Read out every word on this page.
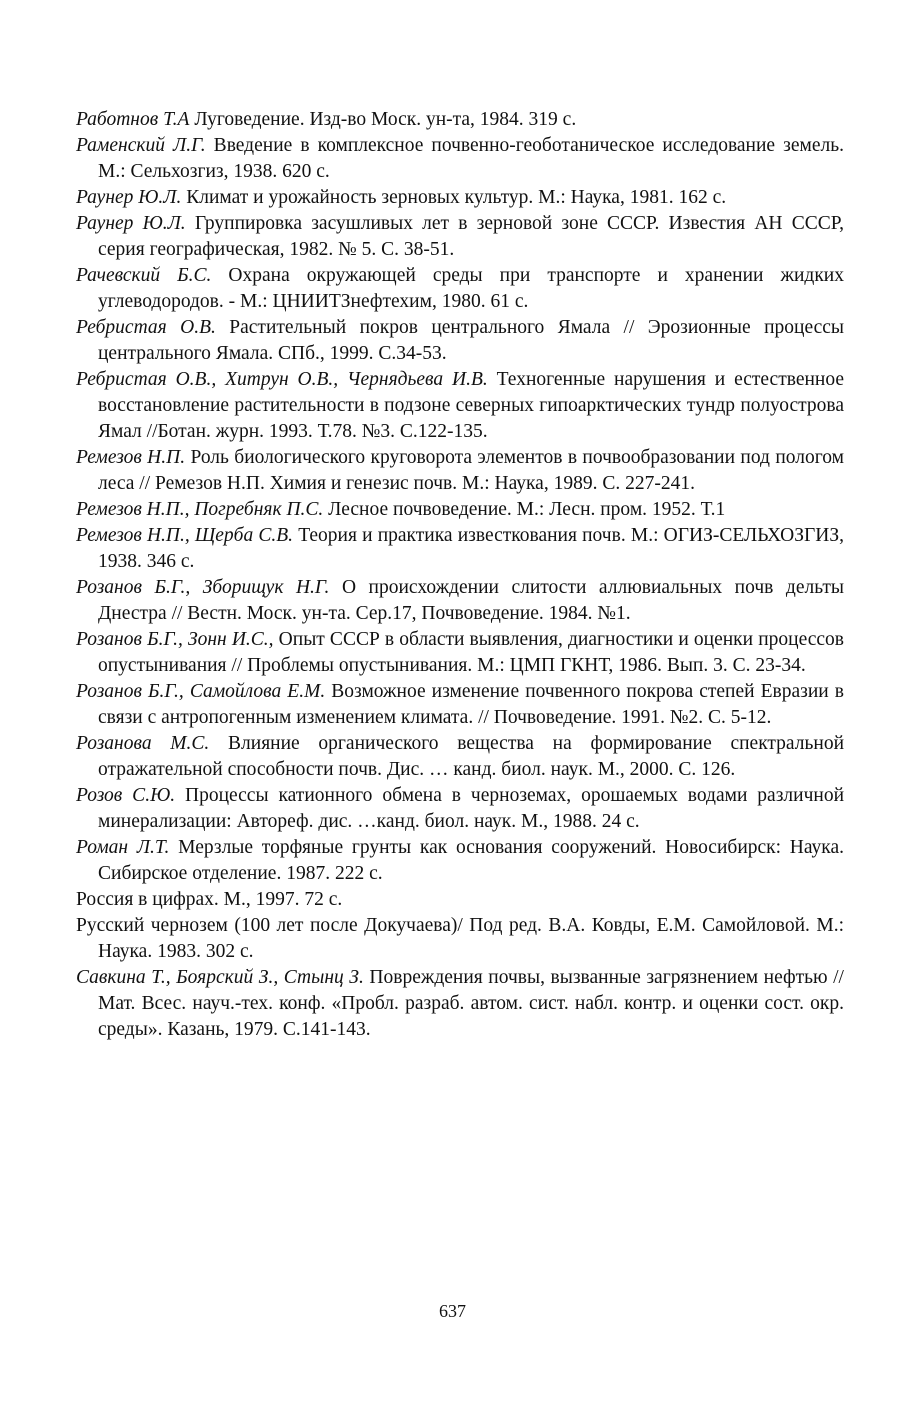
Работнов Т.А Луговедение. Изд-во Моск. ун-та, 1984. 319 с.

Раменский Л.Г. Введение в комплексное почвенно-геоботаническое исследование земель. М.: Сельхозгиз, 1938. 620 с.

Раунер Ю.Л. Климат и урожайность зерновых культур. М.: Наука, 1981. 162 с.

Раунер Ю.Л. Группировка засушливых лет в зерновой зоне СССР. Известия АН СССР, серия географическая, 1982. № 5. С. 38-51.

Рачевский Б.С. Охрана окружающей среды при транспорте и хранении жидких углеводородов. - М.: ЦНИИТЗнефтехим, 1980. 61 с.

Ребристая О.В. Растительный покров центрального Ямала // Эрозионные процессы центрального Ямала. СПб., 1999. С.34-53.

Ребристая О.В., Хитрун О.В., Чернядьева И.В. Техногенные нарушения и естественное восстановление растительности в подзоне северных гипоарктических тундр полуострова Ямал //Ботан. журн. 1993. Т.78. №3. С.122-135.

Ремезов Н.П. Роль биологического круговорота элементов в почвообразовании под пологом леса // Ремезов Н.П. Химия и генезис почв. М.: Наука, 1989. С. 227-241.

Ремезов Н.П., Погребняк П.С. Лесное почвоведение. М.: Лесн. пром. 1952. Т.1

Ремезов Н.П., Щерба С.В. Теория и практика известкования почв. М.: ОГИЗ-СЕЛЬХОЗГИЗ, 1938. 346 с.

Розанов Б.Г., Зборищук Н.Г. О происхождении слитости аллювиальных почв дельты Днестра // Вестн. Моск. ун-та. Сер.17, Почвоведение. 1984. №1.

Розанов Б.Г., Зонн И.С., Опыт СССР в области выявления, диагностики и оценки процессов опустынивания // Проблемы опустынивания. М.: ЦМП ГКНТ, 1986. Вып. 3. С. 23-34.

Розанов Б.Г., Самойлова Е.М. Возможное изменение почвенного покрова степей Евразии в связи с антропогенным изменением климата. // Почвоведение. 1991. №2. С. 5-12.

Розанова М.С. Влияние органического вещества на формирование спектральной отражательной способности почв. Дис. … канд. биол. наук. М., 2000. С. 126.

Розов С.Ю. Процессы катионного обмена в черноземах, орошаемых водами различной минерализации: Автореф. дис. …канд. биол. наук. М., 1988. 24 с.

Роман Л.Т. Мерзлые торфяные грунты как основания сооружений. Новосибирск: Наука. Сибирское отделение. 1987. 222 с.

Россия в цифрах. М., 1997. 72 с.

Русский чернозем (100 лет после Докучаева)/ Под ред. В.А. Ковды, Е.М. Самойловой. М.: Наука. 1983. 302 с.

Савкина Т., Боярский З., Стынц З. Повреждения почвы, вызванные загрязнением нефтью // Мат. Всес. науч.-тех. конф. «Пробл. разраб. автом. сист. набл. контр. и оценки сост. окр. среды». Казань, 1979. С.141-143.

637
